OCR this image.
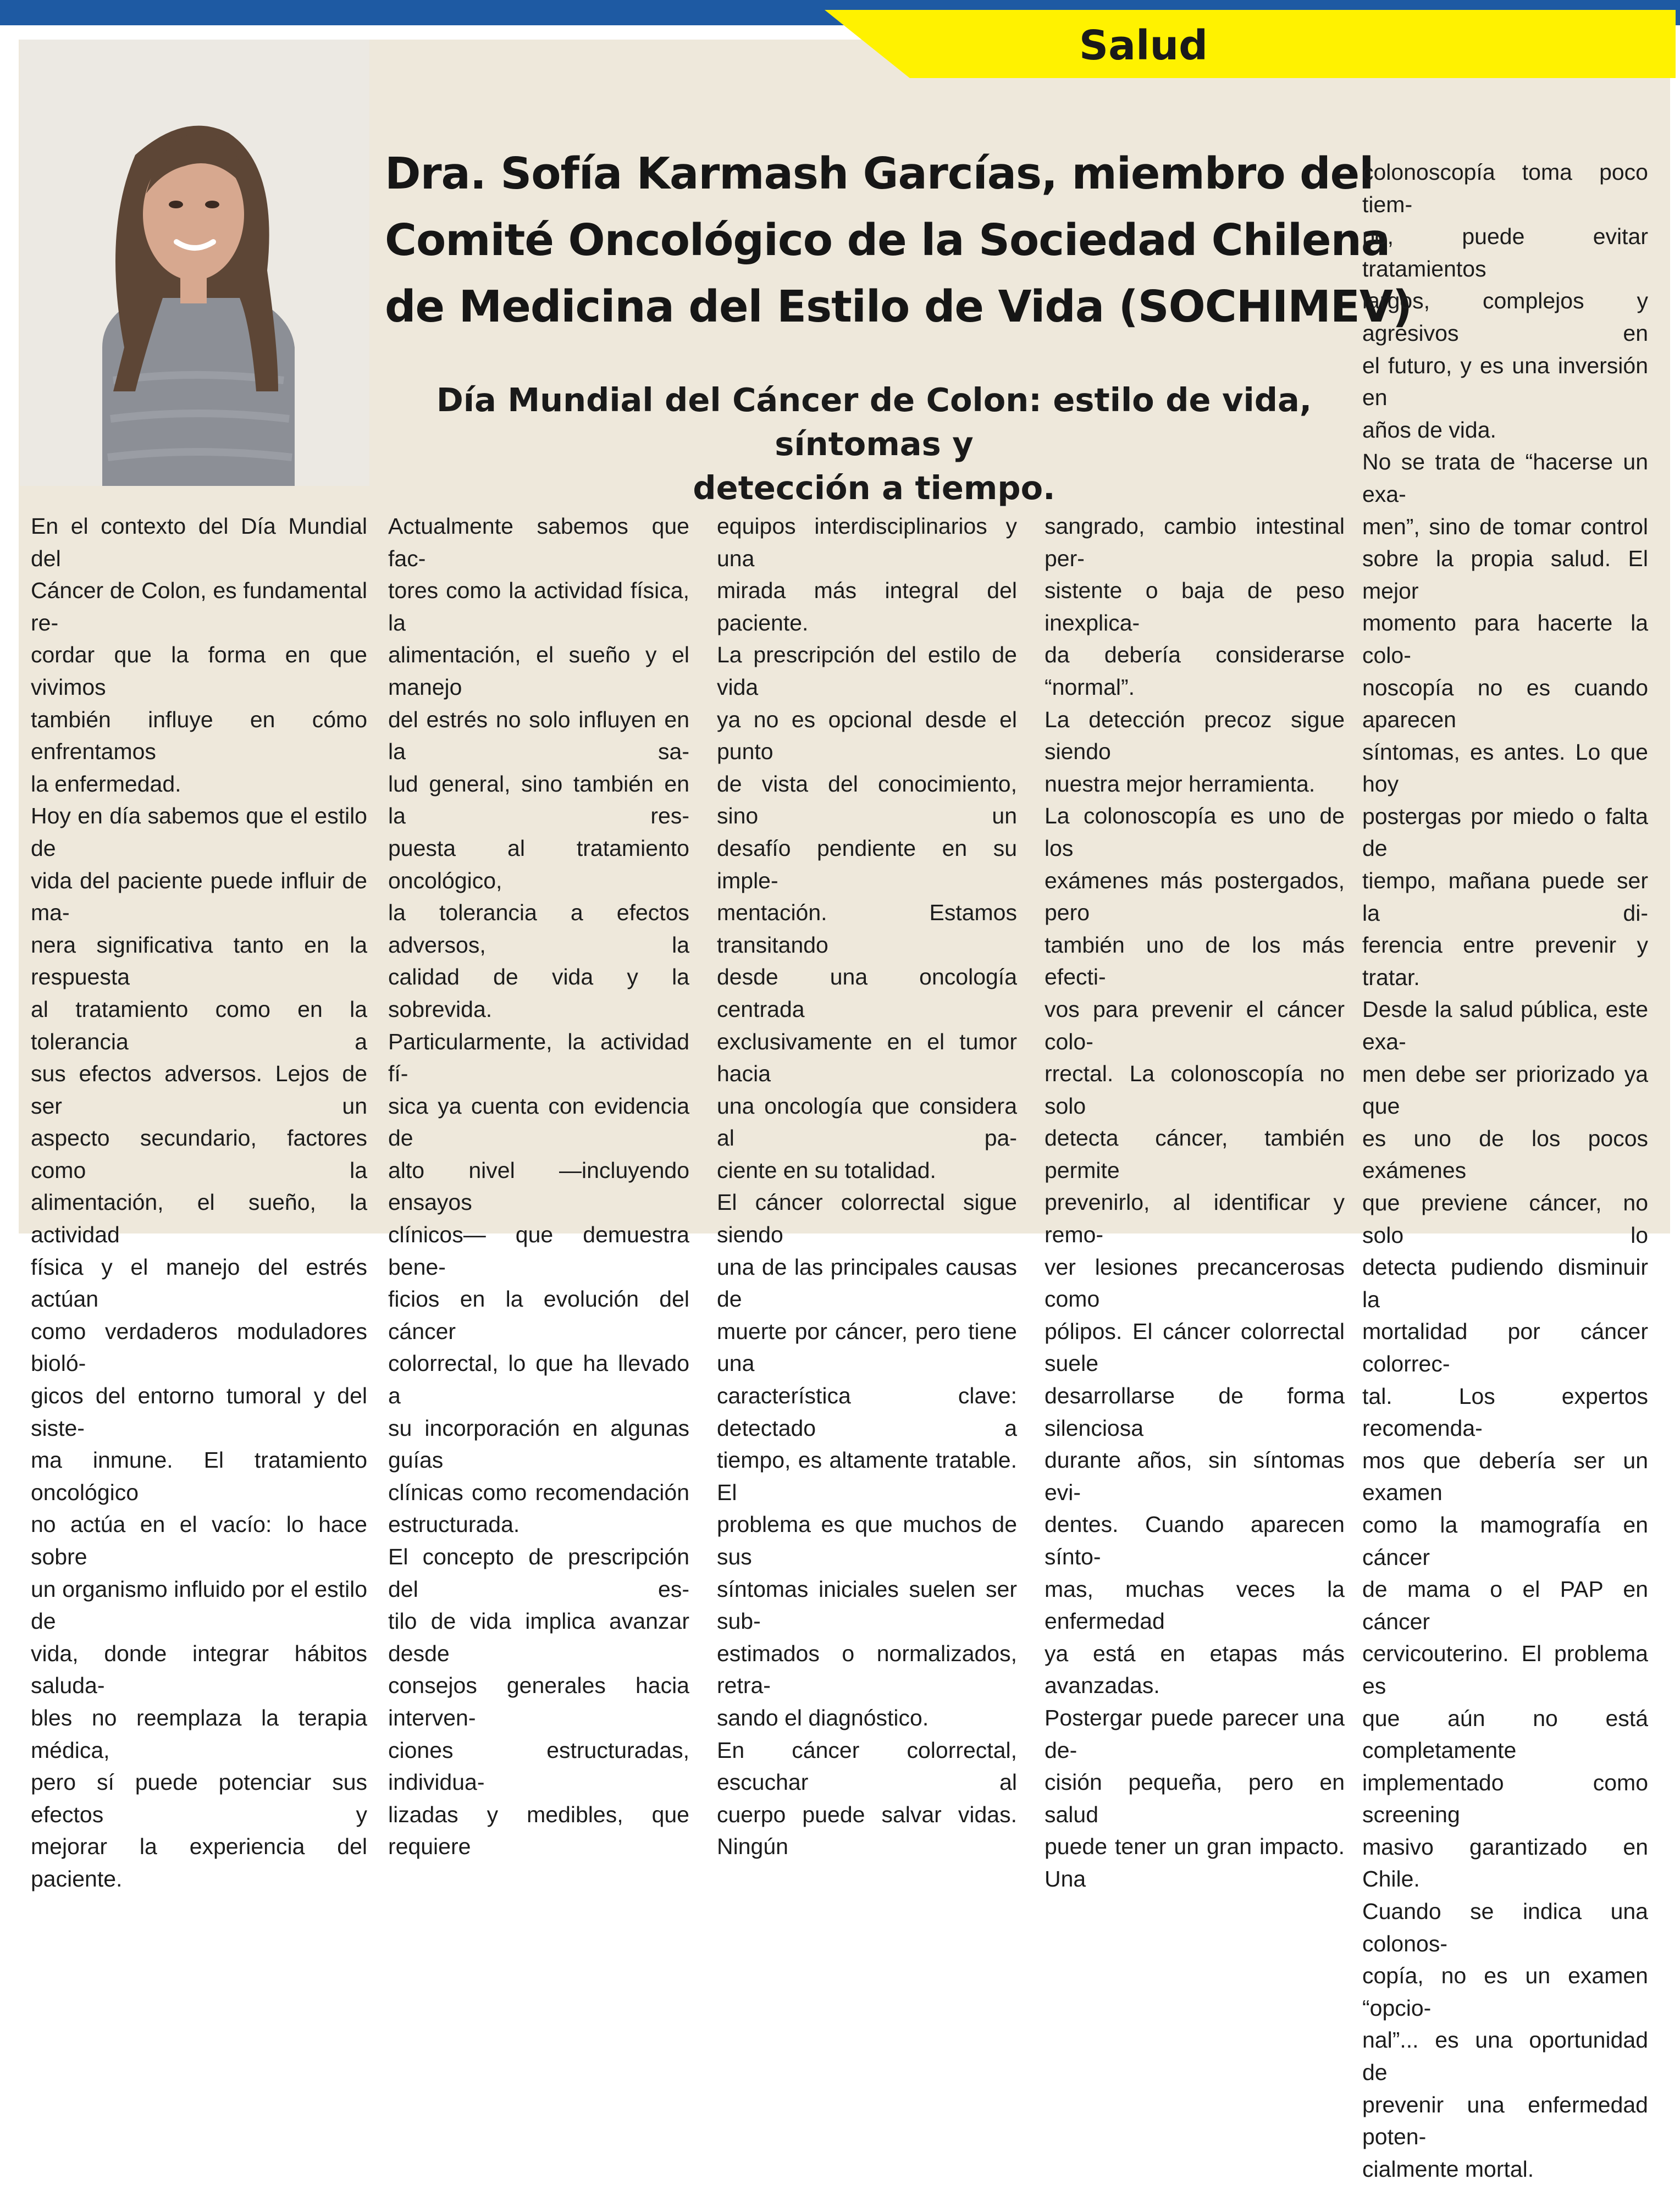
Salud
Dra. Sofía Karmash Garcías, miembro del
Comité Oncológico de la Sociedad Chilena
de Medicina del Estilo de Vida (SOCHIMEV)
Día Mundial del Cáncer de Colon: estilo de vida, síntomas y
detección a tiempo.

En el contexto del Día Mundial del
Cáncer de Colon, es fundamental re-
cordar que la forma en que vivimos
también influye en cómo enfrentamos
la enfermedad.

Hoy en día sabemos que el estilo de
vida del paciente puede influir de ma-
nera significativa tanto en la respuesta
al tratamiento como en la tolerancia a
sus efectos adversos. Lejos de ser un
aspecto secundario, factores como la
alimentación, el sueño, la actividad
física y el manejo del estrés actúan
como verdaderos moduladores bioló-
gicos del entorno tumoral y del siste-
ma inmune. El tratamiento oncológico
no actúa en el vacío: lo hace sobre
un organismo influido por el estilo de
vida, donde integrar hábitos saluda-
bles no reemplaza la terapia médica,
pero sí puede potenciar sus efectos y
mejorar la experiencia del paciente.

Actualmente sabemos que fac-
tores como la actividad física, la
alimentación, el sueño y el manejo
del estrés no solo influyen en la sa-
lud general, sino también en la res-
puesta al tratamiento oncológico,
la tolerancia a efectos adversos, la
calidad de vida y la sobrevida.

Particularmente, la actividad fí-
sica ya cuenta con evidencia de
alto nivel —incluyendo ensayos
clínicos— que demuestra bene-
ficios en la evolución del cáncer
colorrectal, lo que ha llevado a
su incorporación en algunas guías
clínicas como recomendación
estructurada.

El concepto de prescripción del es-
tilo de vida implica avanzar desde
consejos generales hacia interven-
ciones estructuradas, individua-
lizadas y medibles, que requiere

equipos interdisciplinarios y una
mirada más integral del paciente.

La prescripción del estilo de vida
ya no es opcional desde el punto
de vista del conocimiento, sino un
desafío pendiente en su imple-
mentación. Estamos transitando
desde una oncología centrada
exclusivamente en el tumor hacia
una oncología que considera al pa-
ciente en su totalidad.

El cáncer colorrectal sigue siendo
una de las principales causas de
muerte por cáncer, pero tiene una
característica clave: detectado a
tiempo, es altamente tratable. El
problema es que muchos de sus
síntomas iniciales suelen ser sub-
estimados o normalizados, retra-
sando el diagnóstico.

En cáncer colorrectal, escuchar al
cuerpo puede salvar vidas. Ningún

sangrado, cambio intestinal per-
sistente o baja de peso inexplica-
da debería considerarse “normal”.
La detección precoz sigue siendo
nuestra mejor herramienta.

La colonoscopía es uno de los
exámenes más postergados, pero
también uno de los más efecti-
vos para prevenir el cáncer colo-
rrectal. La colonoscopía no solo
detecta cáncer, también permite
prevenirlo, al identificar y remo-
ver lesiones precancerosas como
pólipos. El cáncer colorrectal suele
desarrollarse de forma silenciosa
durante años, sin síntomas evi-
dentes. Cuando aparecen sínto-
mas, muchas veces la enfermedad
ya está en etapas más avanzadas.

Postergar puede parecer una de-
cisión pequeña, pero en salud
puede tener un gran impacto. Una

colonoscopía toma poco tiem-
po, puede evitar tratamientos
largos, complejos y agresivos en
el futuro, y es una inversión en
años de vida.

No se trata de “hacerse un exa-
men”, sino de tomar control
sobre la propia salud. El mejor
momento para hacerte la colo-
noscopía no es cuando aparecen
síntomas, es antes. Lo que hoy
postergas por miedo o falta de
tiempo, mañana puede ser la di-
ferencia entre prevenir y tratar.

Desde la salud pública, este exa-
men debe ser priorizado ya que
es uno de los pocos exámenes
que previene cáncer, no solo lo
detecta pudiendo disminuir la
mortalidad por cáncer colorrec-
tal. Los expertos recomenda-
mos que debería ser un examen
como la mamografía en cáncer
de mama o el PAP en cáncer
cervicouterino. El problema es
que aún no está completamente
implementado como screening
masivo garantizado en Chile.

Cuando se indica una colonos-
copía, no es un examen “opcio-
nal”... es una oportunidad de
prevenir una enfermedad poten-
cialmente mortal.
